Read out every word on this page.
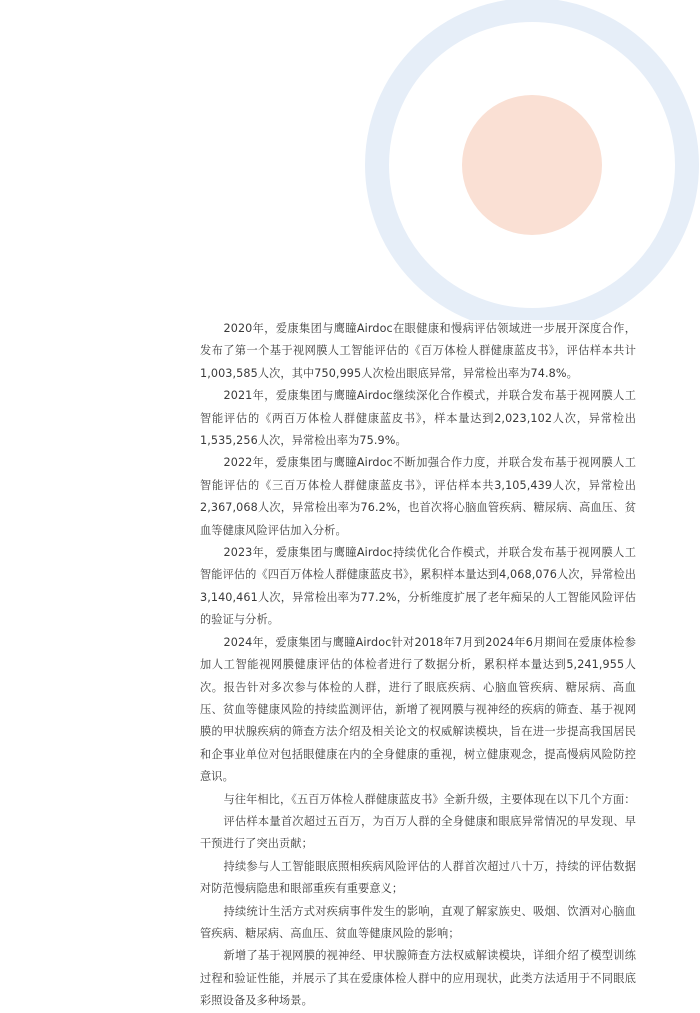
2020年，爱康集团与鹰瞳Airdoc在眼健康和慢病评估领域进一步展开深度合作，发布了第一个基于视网膜人工智能评估的《百万体检人群健康蓝皮书》，评估样本共计1,003,585人次，其中750,995人次检出眼底异常，异常检出率为74.8%。

2021年，爱康集团与鹰瞳Airdoc继续深化合作模式，并联合发布基于视网膜人工智能评估的《两百万体检人群健康蓝皮书》，样本量达到2,023,102人次，异常检出1,535,256人次，异常检出率为75.9%。

2022年，爱康集团与鹰瞳Airdoc不断加强合作力度，并联合发布基于视网膜人工智能评估的《三百万体检人群健康蓝皮书》，评估样本共3,105,439人次，异常检出2,367,068人次，异常检出率为76.2%，也首次将心脑血管疾病、糖尿病、高血压、贫血等健康风险评估加入分析。

2023年，爱康集团与鹰瞳Airdoc持续优化合作模式，并联合发布基于视网膜人工智能评估的《四百万体检人群健康蓝皮书》，累积样本量达到4,068,076人次，异常检出3,140,461人次，异常检出率为77.2%，分析维度扩展了老年痴呆的人工智能风险评估的验证与分析。

2024年，爱康集团与鹰瞳Airdoc针对2018年7月到2024年6月期间在爱康体检参加人工智能视网膜健康评估的体检者进行了数据分析，累积样本量达到5,241,955人次。报告针对多次参与体检的人群，进行了眼底疾病、心脑血管疾病、糖尿病、高血压、贫血等健康风险的持续监测评估，新增了视网膜与视神经的疾病的筛查、基于视网膜的甲状腺疾病的筛查方法介绍及相关论文的权威解读模块，旨在进一步提高我国居民和企事业单位对包括眼健康在内的全身健康的重视，树立健康观念，提高慢病风险防控意识。

与往年相比，《五百万体检人群健康蓝皮书》全新升级，主要体现在以下几个方面：

评估样本量首次超过五百万，为百万人群的全身健康和眼底异常情况的早发现、早干预进行了突出贡献；

持续参与人工智能眼底照相疾病风险评估的人群首次超过八十万，持续的评估数据对防范慢病隐患和眼部重疾有重要意义；

持续统计生活方式对疾病事件发生的影响，直观了解家族史、吸烟、饮酒对心脑血管疾病、糖尿病、高血压、贫血等健康风险的影响；

新增了基于视网膜的视神经、甲状腺筛查方法权威解读模块，详细介绍了模型训练过程和验证性能，并展示了其在爱康体检人群中的应用现状，此类方法适用于不同眼底彩照设备及多种场景。
